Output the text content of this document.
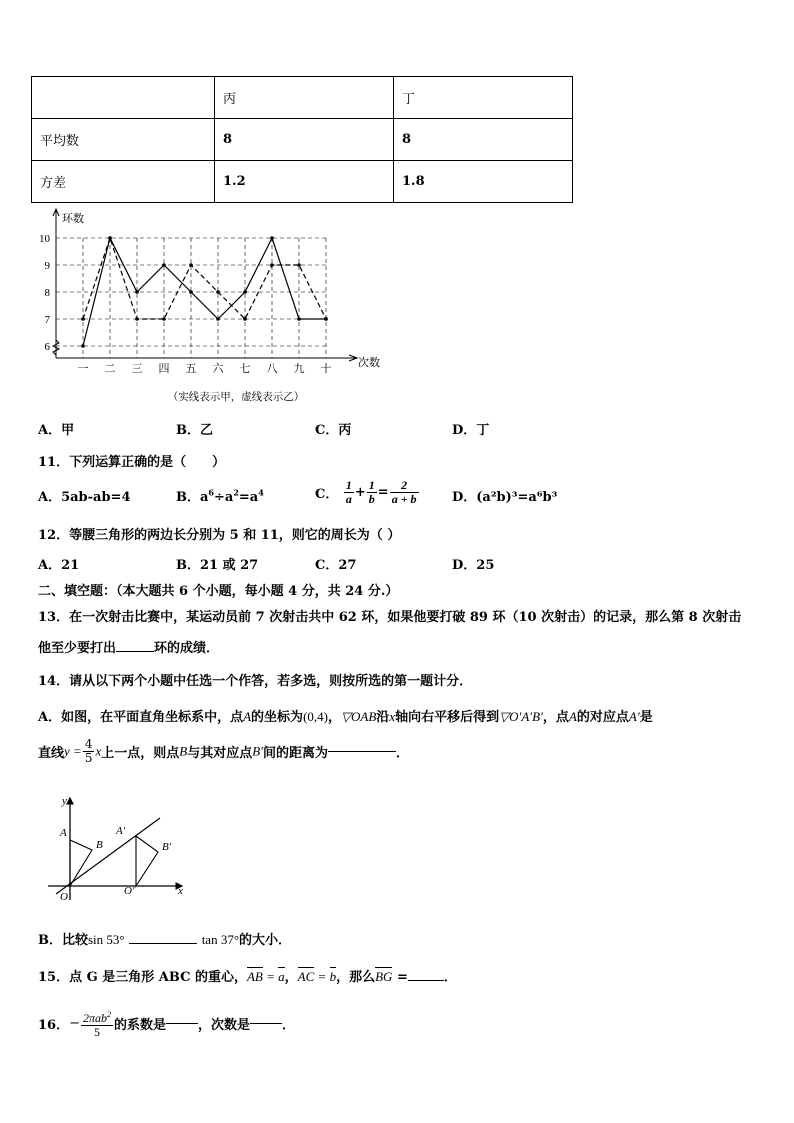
	丙	丁
平均数	8	8
方差	1.2	1.8
6
7
8
9
10
一 二 三 四 五 六 七 八 九 十
环数
次数
（实线表示甲，虚线表示乙）
A．甲	B．乙	C．丙	D．丁
11．下列运算正确的是（　　）
A．5ab-ab=4	B．$a^6\div a^2=a^4$	C． $\frac{1}{a} + \frac{1}{b} = \frac{2}{a + b}$	D．(a²b)³=a⁶b³
12．等腰三角形的两边长分别为 5 和 11，则它的周长为（ ）
A．21	B．21 或 27	C．27	D．25
二、填空题：（本大题共 6 个小题，每小题 4 分，共 24 分.）
13．在一次射击比赛中，某运动员前 7 次射击共中 62 环，如果他要打破 89 环（10 次射击）的记录，那么第 8 次射击
他至少要打出	环的成绩．
14．请从以下两个小题中任选一个作答，若多选，则按所选的第一题计分．
A．如图，在平面直角坐标系中，点A的坐标为(0,4)，▽OAB沿x轴向右平移后得到▽O′A′B′，点A的对应点A′是
直线$y = \frac{4}{5}$ x上一点，则点B与其对应点B′间的距离为	．
y
x
O
A
B
A′
B′
O′
B．比较sin 53°	tan 37°的大小．
15．点 G 是三角形 ABC 的重心，AB = a，AC = b，那么BG =	．
16．− $\frac{2\pi ab^2}{5}$ 的系数是 ，次数是 ．
